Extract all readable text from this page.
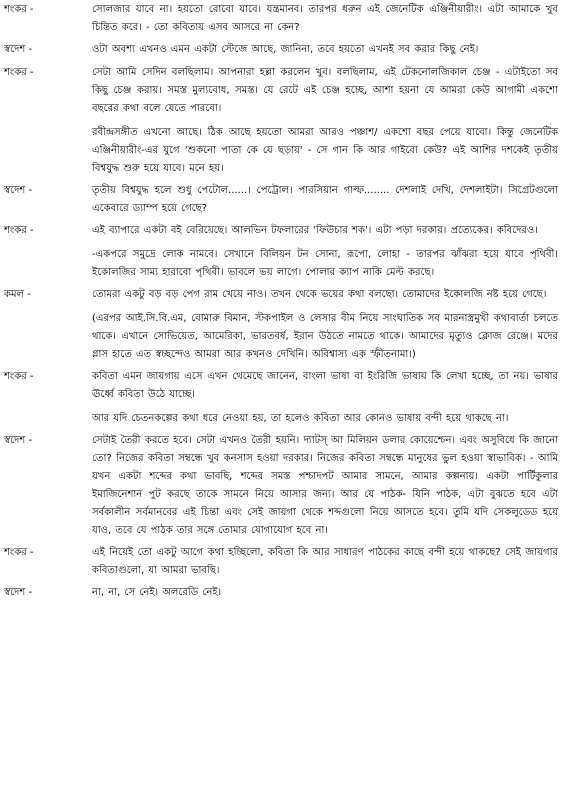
শংকর -	সোলজার যাবে না। হয়তো রোবো যাবে। যন্ত্রমানব। তারপর ধরুন এই জেনেটিক এঞ্জিনীয়ারীং। এটা আমাকে খুব চিন্তিত করে। - তো কবিতায় এসব আসরে না কেন?

স্বদেশ -	ওটা অবশ্য এখনও এমন একটা স্টেজে আছে, জানিনা, তবে হয়তো এখনই সব করার কিছু নেই।

শংকর -	সেটা আমি সেদিন বলছিলাম। আপনারা হল্লা করলেন খুব। বলছিলাম, এই টেকনোলজিকাল চেঞ্জ - এটাইতো সব কিছু চেঞ্জ করায়। সমস্ত মুল্যবোধ, সমস্ত। যে রেটে এই চেঞ্জ হচ্ছে, আশা হয়না যে আমরা কেউ আগামী একশো বছরের কথা বলে যেতে পারবো।

রবীন্দ্রসঙ্গীত এখনো আছে। ঠিক আছে হয়তো আমরা আরও পঞ্চাশ/ একশো বছর পেয়ে যাবো। কিন্তু জেনেটিক এঞ্জিনীয়ারীং-এর যুগে 'শুকনো পাতা কে যে ছড়ায়' - সে গান কি আর গাইবো কেউ? এই আশির দশকেই তৃতীয় বিশ্বযুদ্ধ শুরু হয়ে যাবে। মনে হয়।

স্বদেশ -	তৃতীয় বিশ্বযুদ্ধ হলে শুধু পেটোল......। পেট্রোল। পারসিয়ান গাল্ফ........ দেশলাই দেখি, দেশলাইটা। সিগ্রেটগুলো একেবারে ড্যাম্প হয়ে গেছে?

শংকর -	এই ব্যাপারে একটা বই বেরিয়েছে। আলভিন টফলারের 'ফিউচার শক'। এটা পড়া দরকার। প্রত্যেকের। কবিদেরও।

-একপরে সমুদ্রে লোক নামবে। সেখানে বিলিয়ন টন সোনা, রূপো, লোহা - তারপর ঝাঁঝরা হয়ে যাবে পৃথিবী। ইকোলজির সাম্য হারাবো পৃথিবী। ভাবলে ভয় লাগে। পোলার ক্যাপ নাকি মেল্ট করছে।

কমল -	তোমরা একটু বড় বড় পেগ রাম খেয়ে নাও। তখন থেকে ভয়ের কথা বলছো। তোমাদের ইকোলজি নষ্ট হয়ে গেছে।

(এরপর আই.সি.বি.এম, বোমারু বিমান, স্টকপাইল ও লেসার বীম নিয়ে সাংঘাতিক সব মারনাস্ত্রমুখী কথাবার্তা চলতে থাকে। এখানে সোভিয়েত, আমেরিকা, ভারতবর্ষ, ইরান উঠতে নামতে থাকে। আমাদের মৃত্যুও ক্লোজ রেঞ্জে। মদের গ্লাস হাতে এত স্বচ্ছন্দেও আমরা আর কখনও দেখিনি। অবিশ্বাস্য এক স্ফীতনামা।)

শংকর -	কবিতা এমন জায়গায় এসে এখন থেমেছে জানেন, বাংলা ভাষা বা ইংরিজি ভাষায় কি লেখা হচ্ছে, তা নয়। ভাষার ঊর্ধ্বে কবিতা উঠে যাচ্ছে।

আর যদি চেতনকল্পের কথা ধরে নেওয়া হয়, তা হলেও কবিতা আর কোনও ভাষায় বন্দী হয়ে থাকছে না।

স্বদেশ -	সেটাই তৈরী করতে হবে। সেটা এখনও তৈরী হয়নি। দ্যাটস্ আ মিলিয়ন ডলার কোয়েশ্চেন। এবং অসুবিধে কি জানো তো? নিজের কবিতা সম্বন্ধে খুব কনসাস হওয়া দরকার। নিজের কবিতা সম্বন্ধে মানুষের ভুল হওয়া স্বাভাবিক। - আমি যখন একটা শব্দের কথা ভাবছি, শব্দের সমস্ত পশ্চাদপট আমার সামনে, আমার কল্পনায়। একটা পার্টিকুলার ইমাজিনেশান পুট করছে তাকে সামনে নিয়ে আসার জন্য। আর যে পাঠক- যিনি পাঠক, এটা বুঝতে হবে এটা সর্বকালীন সর্বমানবের এই চিন্তা এবং সেই জায়গা থেকে শব্দগুলো নিয়ে আসতে হবে। তুমি যদি সেকলুডেড হয়ে যাও, তবে যে পাঠক তার সঙ্গে তোমার যোগাযোগ হবে না।

শংকর -	এই নিয়েই তো একটু আগে কথা হচ্ছিলো, কবিতা কি আর সাধারণ পাঠকের কাছে বন্দী হয়ে থাকছে? সেই জায়গার কবিতাগুলো, যা আমরা ভাবছি।

স্বদেশ -	না, না, সে নেই। অলরেডি নেই।
